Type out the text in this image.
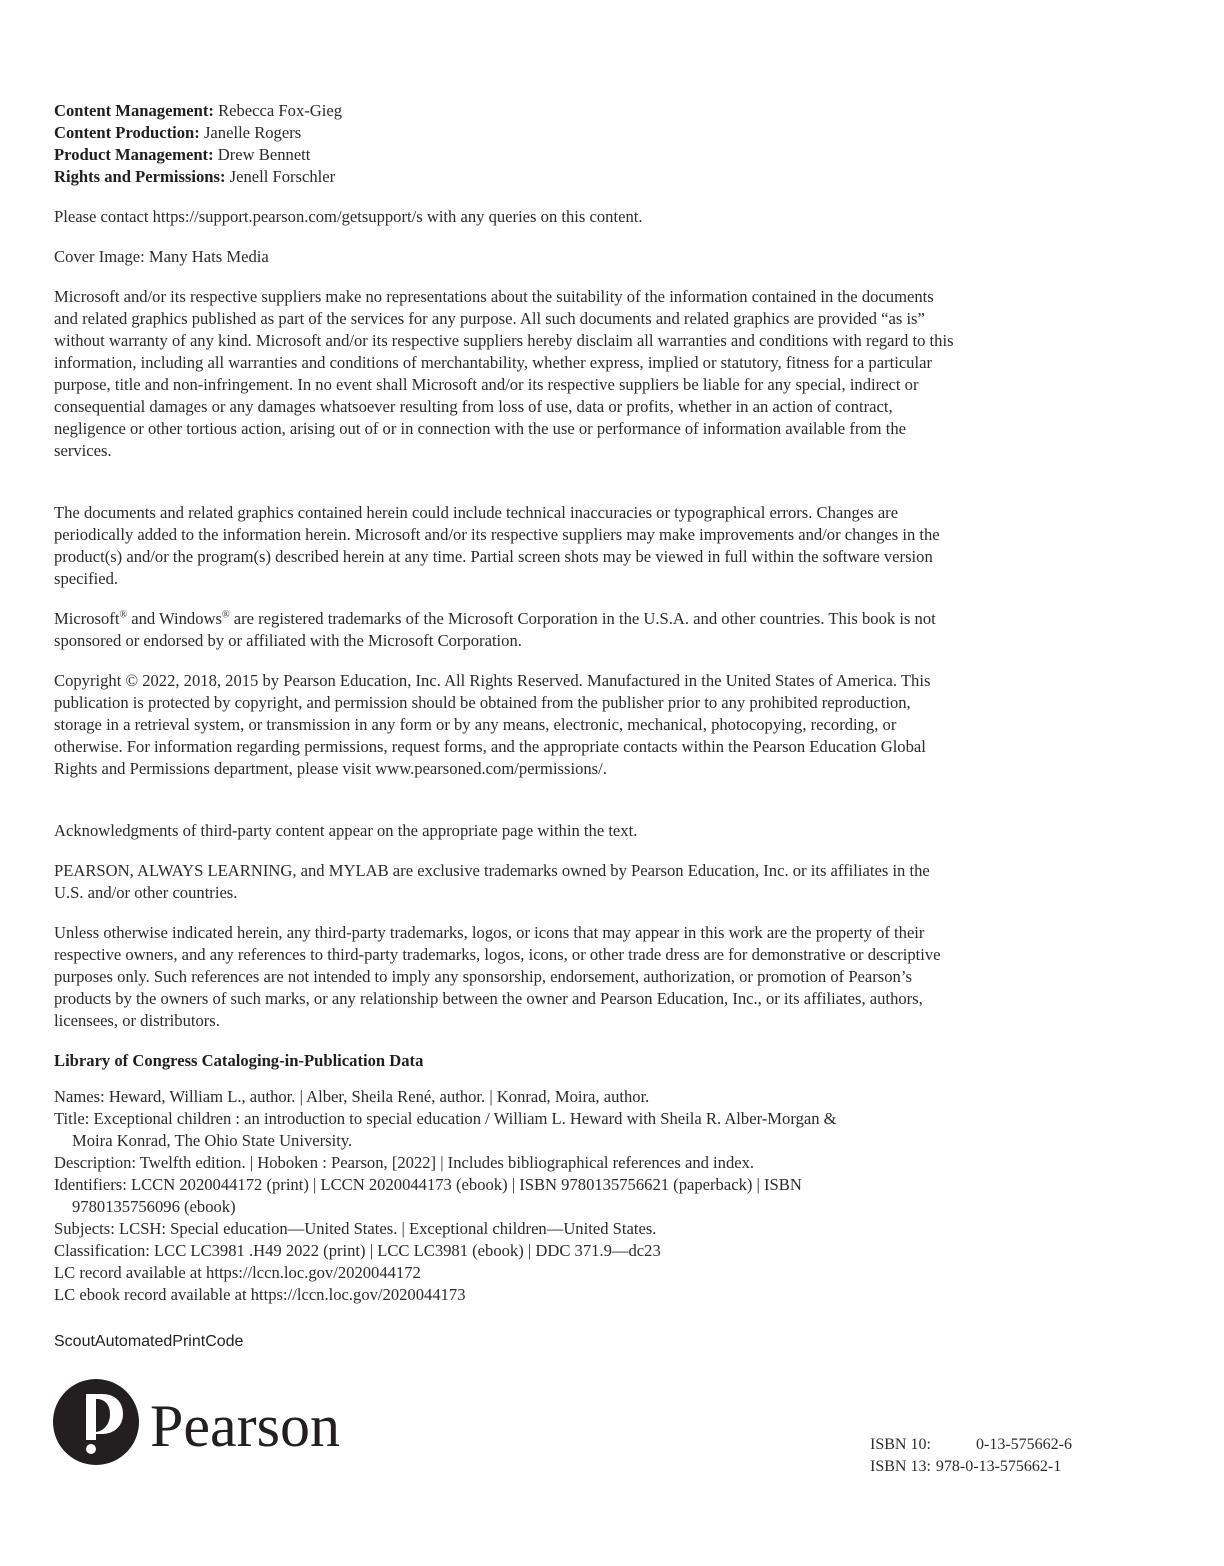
Content Management: Rebecca Fox-Gieg

Content Production: Janelle Rogers

Product Management: Drew Bennett

Rights and Permissions: Jenell Forschler

Please contact https://support.pearson.com/getsupport/s with any queries on this content.

Cover Image: Many Hats Media

Microsoft and/or its respective suppliers make no representations about the suitability of the information contained in the documents and related graphics published as part of the services for any purpose. All such documents and related graphics are provided “as is” without warranty of any kind. Microsoft and/or its respective suppliers hereby disclaim all warranties and conditions with regard to this information, including all warranties and conditions of merchantability, whether express, implied or statutory, fitness for a particular purpose, title and non-infringement. In no event shall Microsoft and/or its respective suppliers be liable for any special, indirect or consequential damages or any damages whatsoever resulting from loss of use, data or profits, whether in an action of contract, negligence or other tortious action, arising out of or in connection with the use or performance of information available from the services.

The documents and related graphics contained herein could include technical inaccuracies or typographical errors. Changes are periodically added to the information herein. Microsoft and/or its respective suppliers may make improvements and/or changes in the product(s) and/or the program(s) described herein at any time. Partial screen shots may be viewed in full within the software version specified.

Microsoft® and Windows® are registered trademarks of the Microsoft Corporation in the U.S.A. and other countries. This book is not sponsored or endorsed by or affiliated with the Microsoft Corporation.

Copyright © 2022, 2018, 2015 by Pearson Education, Inc. All Rights Reserved. Manufactured in the United States of America. This publication is protected by copyright, and permission should be obtained from the publisher prior to any prohibited reproduction, storage in a retrieval system, or transmission in any form or by any means, electronic, mechanical, photocopying, recording, or otherwise. For information regarding permissions, request forms, and the appropriate contacts within the Pearson Education Global Rights and Permissions department, please visit www.pearsoned.com/permissions/.

Acknowledgments of third-party content appear on the appropriate page within the text.

PEARSON, ALWAYS LEARNING, and MYLAB are exclusive trademarks owned by Pearson Education, Inc. or its affiliates in the U.S. and/or other countries.

Unless otherwise indicated herein, any third-party trademarks, logos, or icons that may appear in this work are the property of their respective owners, and any references to third-party trademarks, logos, icons, or other trade dress are for demonstrative or descriptive purposes only. Such references are not intended to imply any sponsorship, endorsement, authorization, or promotion of Pearson’s products by the owners of such marks, or any relationship between the owner and Pearson Education, Inc., or its affiliates, authors, licensees, or distributors.

Library of Congress Cataloging-in-Publication Data

Names: Heward, William L., author. | Alber, Sheila René, author. | Konrad, Moira, author.

Title: Exceptional children : an introduction to special education / William L. Heward with Sheila R. Alber-Morgan & Moira Konrad, The Ohio State University.

Description: Twelfth edition. | Hoboken : Pearson, [2022] | Includes bibliographical references and index.

Identifiers: LCCN 2020044172 (print) | LCCN 2020044173 (ebook) | ISBN 9780135756621 (paperback) | ISBN 9780135756096 (ebook)

Subjects: LCSH: Special education—United States. | Exceptional children—United States.

Classification: LCC LC3981 .H49 2022 (print) | LCC LC3981 (ebook) | DDC 371.9—dc23

LC record available at https://lccn.loc.gov/2020044172

LC ebook record available at https://lccn.loc.gov/2020044173

ScoutAutomatedPrintCode
Pearson	ISBN 10:	0-13-575662-6
ISBN 13: 978-0-13-575662-1
